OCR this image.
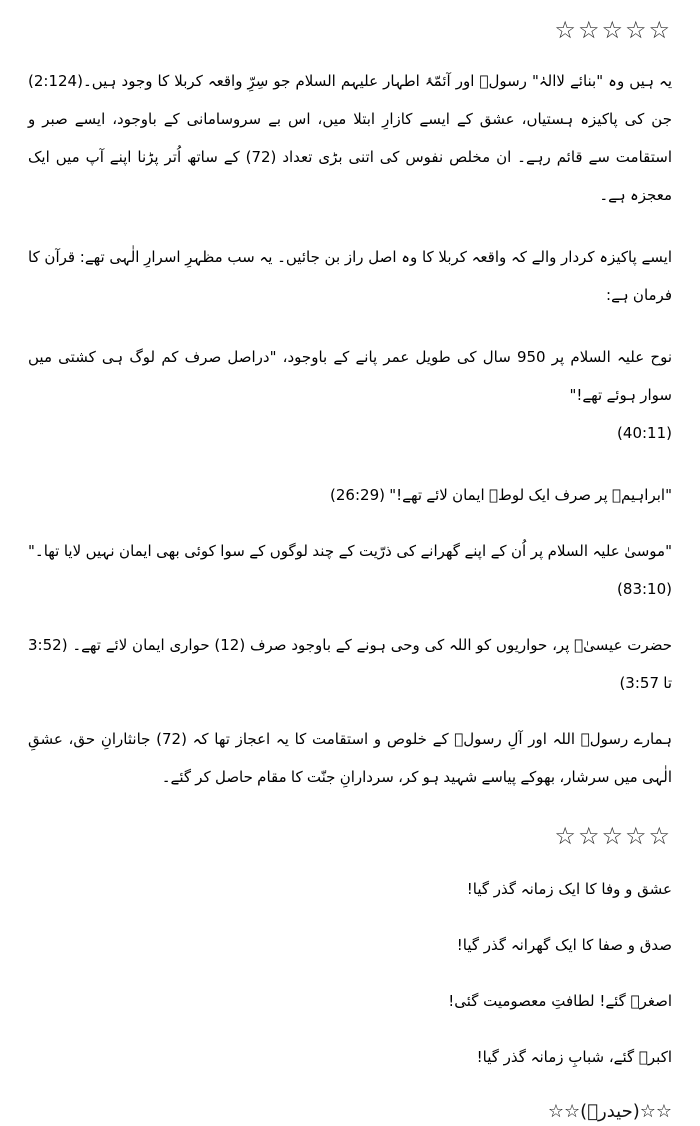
☆☆☆☆☆

یہ ہیں وہ "بنائے لاالہٰ" رسولؐ اور آئمّۂ اطہار علیہم السلام جو سِرِّ واقعہ کربلا کا وجود ہیں۔(2:124) جن کی پاکیزہ ہستیاں، عشق کے ایسے کازارِ ابتلا میں، اس بے سروسامانی کے باوجود، ایسے صبر و استقامت سے قائم رہے۔ ان مخلص نفوس کی اتنی بڑی تعداد (72) کے ساتھ اُتر پڑنا اپنے آپ میں ایک معجزہ ہے۔

ایسے پاکیزہ کردار والے کہ واقعہ کربلا کا وہ اصل راز بن جائیں۔ یہ سب مظہرِ اسرارِ الٰہی تھے: قرآن کا فرمان ہے:

نوح علیہ السلام پر 950 سال کی طویل عمر پانے کے باوجود، "دراصل صرف کم لوگ ہی کشتی میں سوار ہوئے تھے!"

(40:11)

"ابراہیمؑ پر صرف ایک لوطؑ ایمان لائے تھے!" (26:29)

"موسیٰ علیہ السلام پر اُن کے اپنے گھرانے کی ذرّیت کے چند لوگوں کے سوا کوئی بھی ایمان نہیں لایا تھا۔" (83:10)

حضرت عیسیٰؑ پر، حواریوں کو اللہ کی وحی ہونے کے باوجود صرف (12) حواری ایمان لائے تھے۔ (3:52 تا 3:57)

ہمارے رسولؐ اللہ اور آلِ رسولؐ کے خلوص و استقامت کا یہ اعجاز تھا کہ (72) جانثارانِ حق، عشقِ الٰہی میں سرشار، بھوکے پیاسے شہید ہو کر، سردارانِ جنّت کا مقام حاصل کر گئے۔

☆☆☆☆☆

عشق و وفا کا ایک زمانہ گذر گیا!

صدق و صفا کا ایک گھرانہ گذر گیا!

اصغرؑ گئے! لطافتِ معصومیت گئی!

اکبرؑ گئے، شبابِ زمانہ گذر گیا!

☆☆(حیدرؔ)☆☆
